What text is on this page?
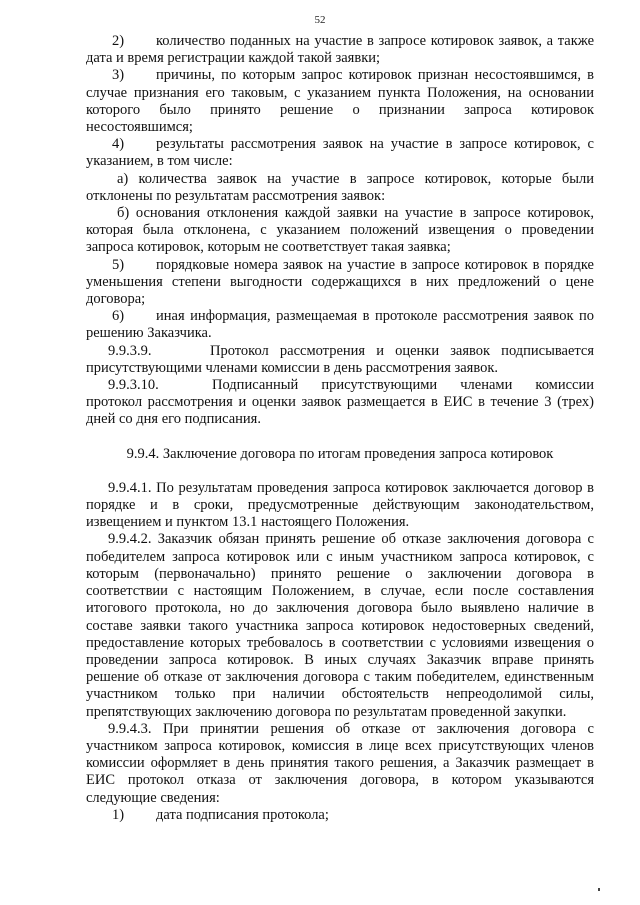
52

2) количество поданных на участие в запросе котировок заявок, а также дата и время регистрации каждой такой заявки;

3) причины, по которым запрос котировок признан несостоявшимся, в случае признания его таковым, с указанием пункта Положения, на основании которого было принято решение о признании запроса котировок несостоявшимся;

4) результаты рассмотрения заявок на участие в запросе котировок, с указанием, в том числе:

а) количества заявок на участие в запросе котировок, которые были отклонены по результатам рассмотрения заявок:

б) основания отклонения каждой заявки на участие в запросе котировок, которая была отклонена, с указанием положений извещения о проведении запроса котировок, которым не соответствует такая заявка;

5) порядковые номера заявок на участие в запросе котировок в порядке уменьшения степени выгодности содержащихся в них предложений о цене договора;

6) иная информация, размещаемая в протоколе рассмотрения заявок по решению Заказчика.

9.9.3.9.	Протокол рассмотрения и оценки заявок подписывается присутствующими членами комиссии в день рассмотрения заявок.

9.9.3.10.	Подписанный присутствующими членами комиссии протокол рассмотрения и оценки заявок размещается в ЕИС в течение 3 (трех) дней со дня его подписания.

9.9.4. Заключение договора по итогам проведения запроса котировок

9.9.4.1. По результатам проведения запроса котировок заключается договор в порядке и в сроки, предусмотренные действующим законодательством, извещением и пунктом 13.1 настоящего Положения.

9.9.4.2. Заказчик обязан принять решение об отказе заключения договора с победителем запроса котировок или с иным участником запроса котировок, с которым (первоначально) принято решение о заключении договора в соответствии с настоящим Положением, в случае, если после составления итогового протокола, но до заключения договора было выявлено наличие в составе заявки такого участника запроса котировок недостоверных сведений, предоставление которых требовалось в соответствии с условиями извещения о проведении запроса котировок. В иных случаях Заказчик вправе принять решение об отказе от заключения договора с таким победителем, единственным участником только при наличии обстоятельств непреодолимой силы, препятствующих заключению договора по результатам проведенной закупки.

9.9.4.3. При принятии решения об отказе от заключения договора с участником запроса котировок, комиссия в лице всех присутствующих членов комиссии оформляет в день принятия такого решения, а Заказчик размещает в ЕИС протокол отказа от заключения договора, в котором указываются следующие сведения:

1) дата подписания протокола;
